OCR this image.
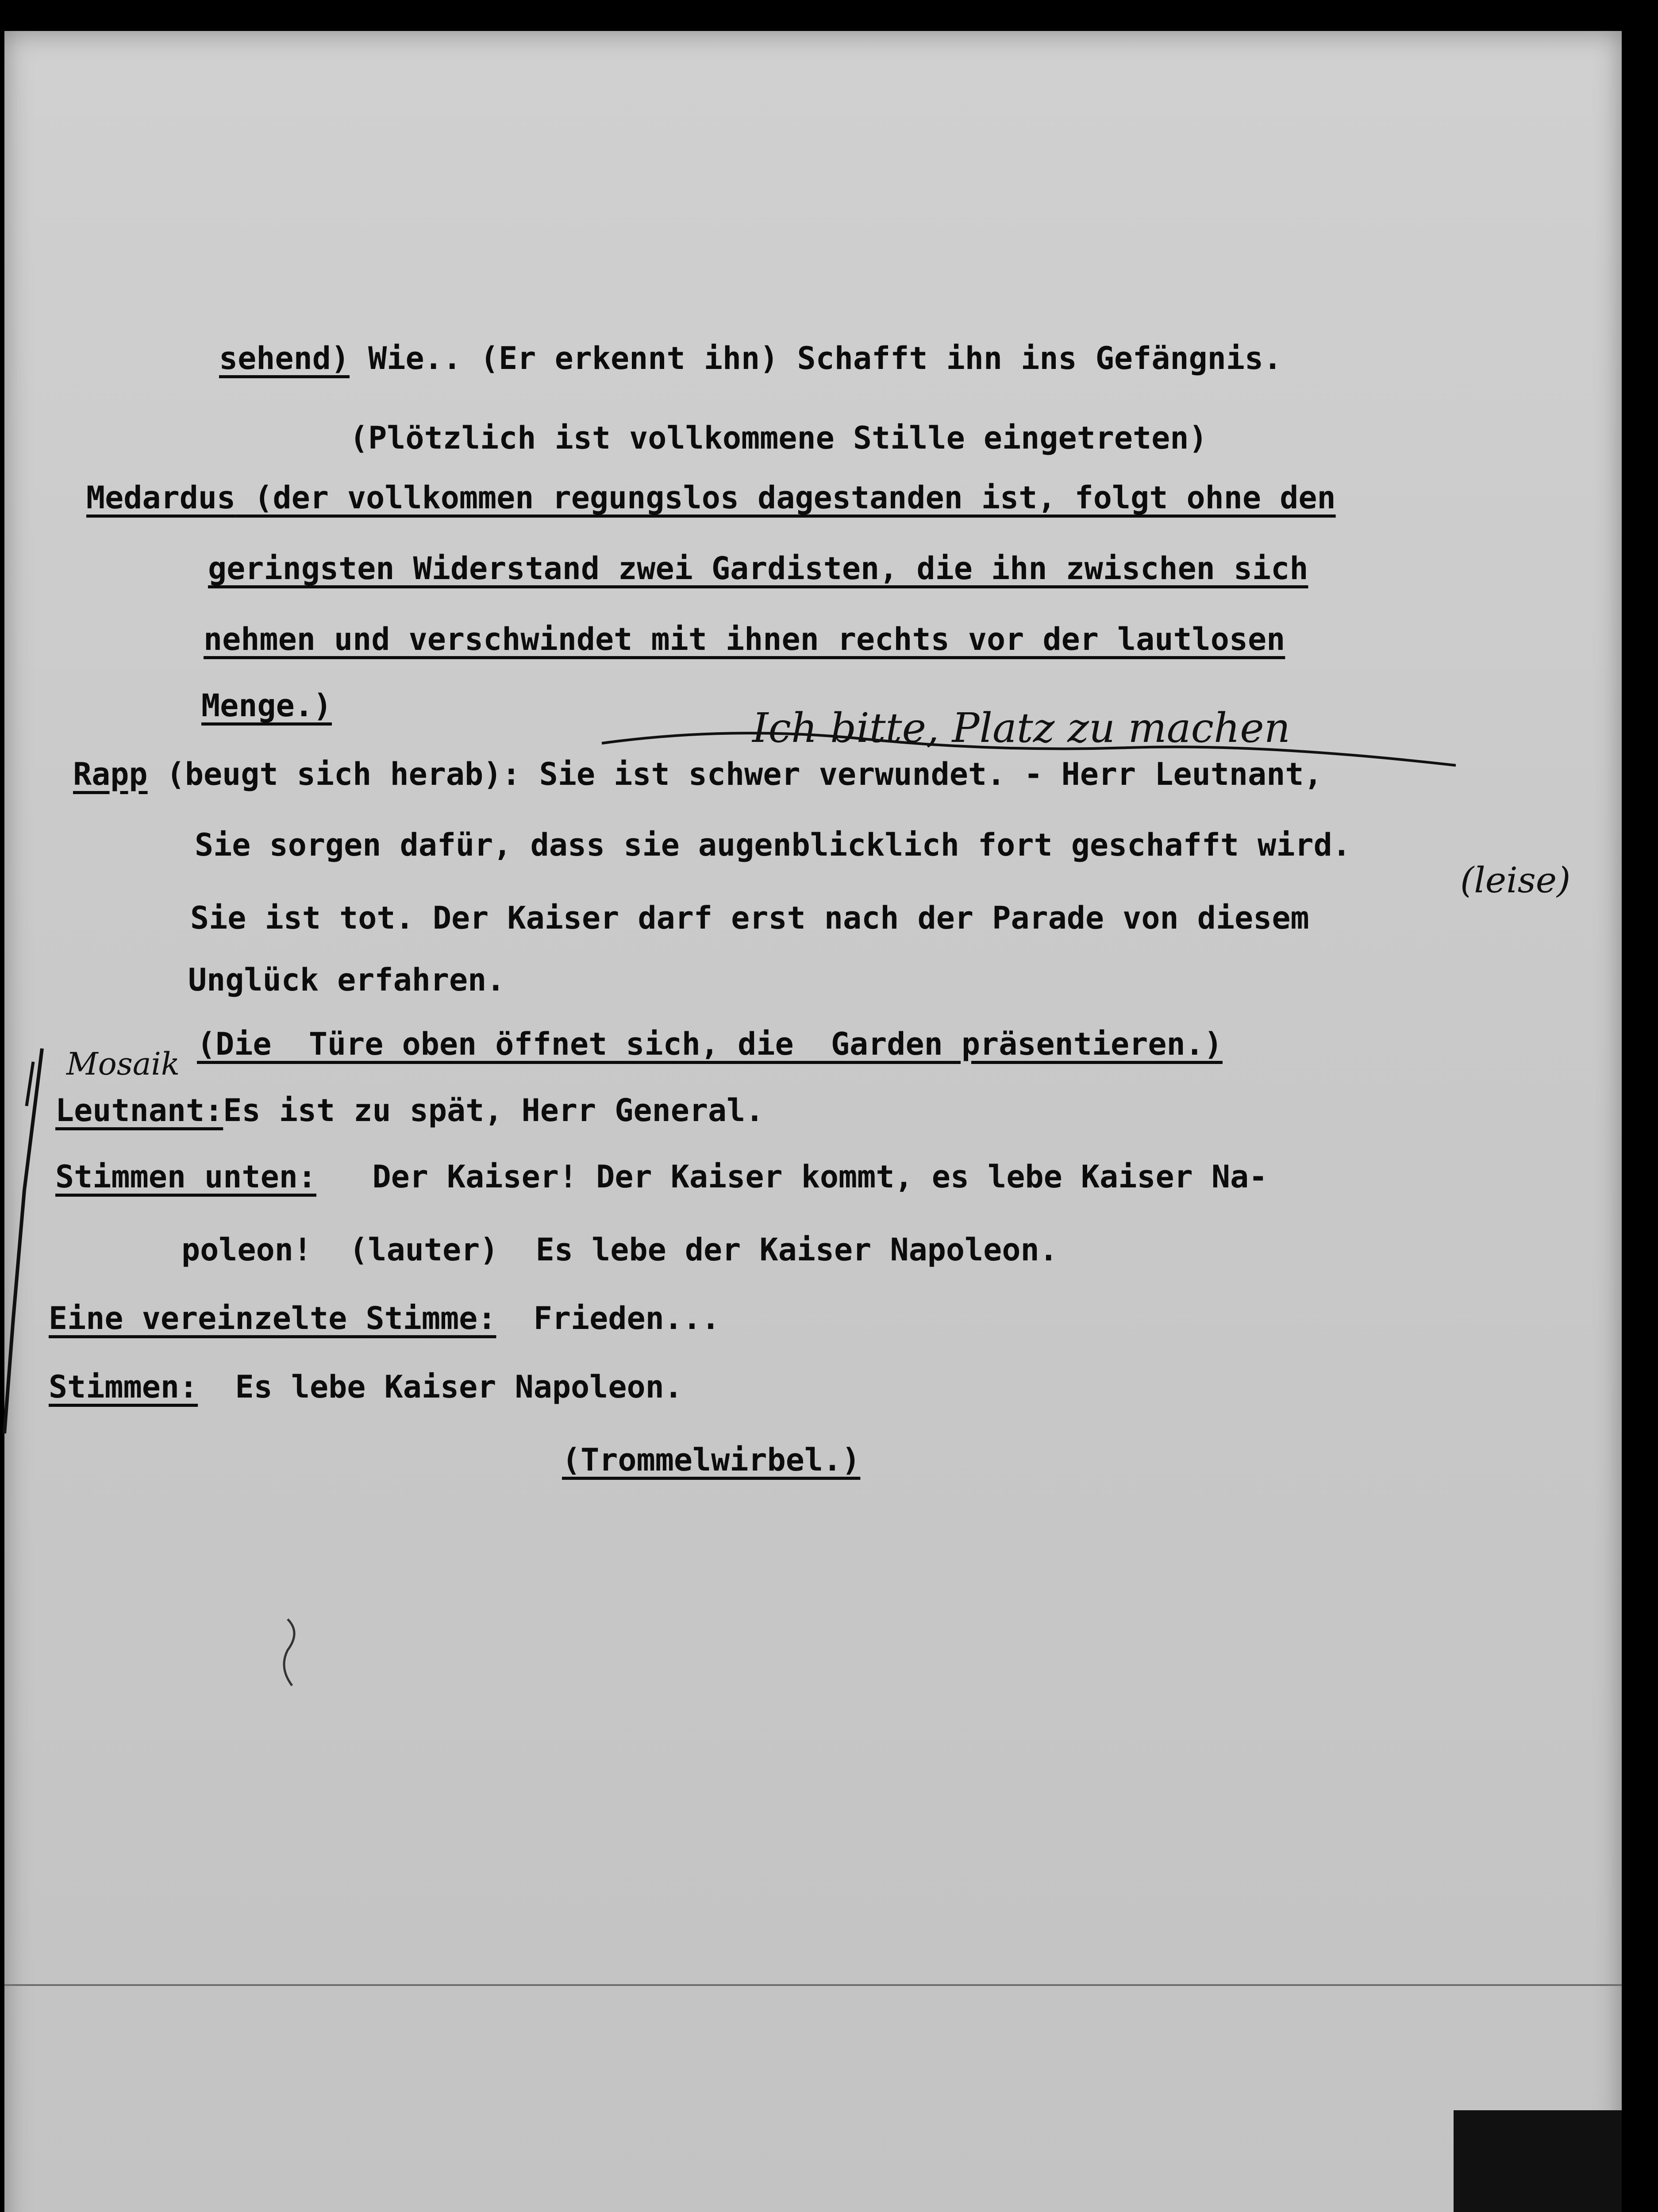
sehend) Wie.. (Er erkennt ihn) Schafft ihn ins Gefängnis.
(Plötzlich ist vollkommene Stille eingetreten)
Medardus (der vollkommen regungslos dagestanden ist, folgt ohne den
geringsten Widerstand zwei Gardisten, die ihn zwischen sich
nehmen und verschwindet mit ihnen rechts vor der lautlosen
Menge.)
Rapp (beugt sich herab): Sie ist schwer verwundet. - Herr Leutnant,
Sie sorgen dafür, dass sie augenblicklich fort geschafft wird.
Sie ist tot. Der Kaiser darf erst nach der Parade von diesem
Unglück erfahren.
(Die  Türe oben öffnet sich, die  Garden präsentieren.)
Leutnant:Es ist zu spät, Herr General.
Stimmen unten:   Der Kaiser! Der Kaiser kommt, es lebe Kaiser Na-
poleon!  (lauter)  Es lebe der Kaiser Napoleon.
Eine vereinzelte Stimme:  Frieden...
Stimmen:  Es lebe Kaiser Napoleon.
(Trommelwirbel.)
Ich bitte, Platz zu machen
(leise)
Mosaik
